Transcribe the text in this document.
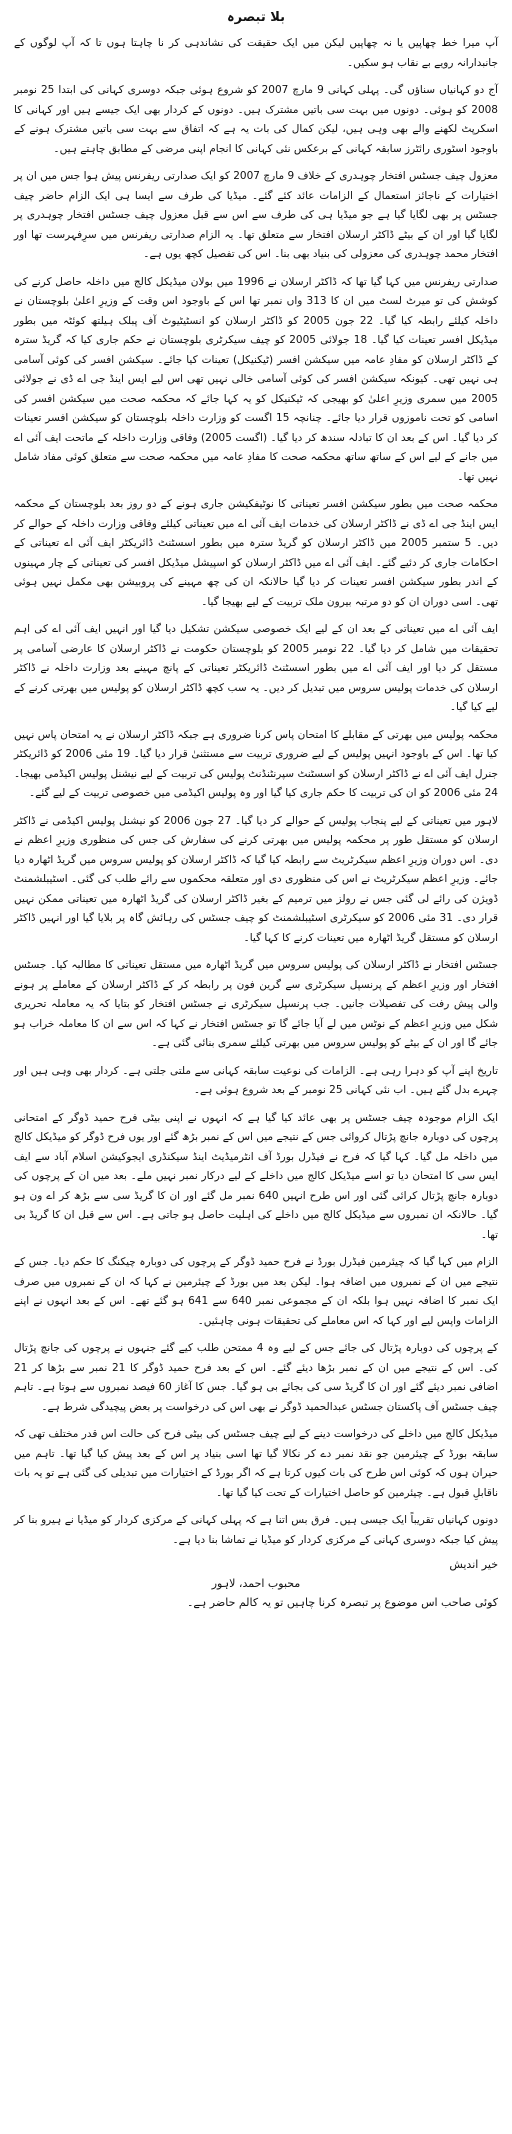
بلا تبصرہ

آپ میرا خط چھاپیں یا نہ چھاپیں لیکن میں ایک حقیقت کی نشاندہی کر نا چاہتا ہوں تا کہ آپ لوگوں کے جانبدارانہ رویے بے نقاب ہو سکیں۔

آج دو کہانیاں سناؤں گی۔ پہلی کہانی 9 مارچ 2007 کو شروع ہوئی جبکہ دوسری کہانی کی ابتدا 25 نومبر 2008 کو ہوئی۔ دونوں میں بہت سی باتیں مشترک ہیں۔ دونوں کے کردار بھی ایک جیسے ہیں اور کہانی کا اسکرپٹ لکھنے والے بھی وہی ہیں، لیکن کمال کی بات یہ ہے کہ اتفاق سے بہت سی باتیں مشترک ہونے کے باوجود اسٹوری رائٹرز سابقہ کہانی کے برعکس نئی کہانی کا انجام اپنی مرضی کے مطابق چاہتے ہیں۔

معزول چیف جسٹس افتخار چوہدری کے خلاف 9 مارچ 2007 کو ایک صدارتی ریفرنس پیش ہوا جس میں ان پر اختیارات کے ناجائز استعمال کے الزامات عائد کئے گئے۔ میڈیا کی طرف سے ایسا ہی ایک الزام حاضر چیف جسٹس پر بھی لگایا گیا ہے جو میڈیا ہی کی طرف سے اس سے قبل معزول چیف جسٹس افتخار چوہدری پر لگایا گیا اور ان کے بیٹے ڈاکٹر ارسلان افتخار سے متعلق تھا۔ یہ الزام صدارتی ریفرنس میں سرِفہرست تھا اور افتخار محمد چوہدری کی معزولی کی بنیاد بھی بنا۔ اس کی تفصیل کچھ یوں ہے۔

صدارتی ریفرنس میں کہا گیا تھا کہ ڈاکٹر ارسلان نے 1996 میں بولان میڈیکل کالج میں داخلہ حاصل کرنے کی کوشش کی تو میرٹ لسٹ میں ان کا 313 واں نمبر تھا اس کے باوجود اس وقت کے وزیرِ اعلیٰ بلوچستان نے داخلہ کیلئے رابطہ کیا گیا۔ 22 جون 2005 کو ڈاکٹر ارسلان کو انسٹیٹیوٹ آف پبلک ہیلتھ کوئٹہ میں بطور میڈیکل افسر تعینات کیا گیا۔ 18 جولائی 2005 کو چیف سیکرٹری بلوچستان نے حکم جاری کیا کہ گریڈ سترہ کے ڈاکٹر ارسلان کو مفادِ عامہ میں سیکشن افسر (ٹیکنیکل) تعینات کیا جائے۔ سیکشن افسر کی کوئی آسامی ہی نہیں تھی۔ کیونکہ سیکشن افسر کی کوئی آسامی خالی نہیں تھی اس لیے ایس اینڈ جی اے ڈی نے جولائی 2005 میں سمری وزیرِ اعلیٰ کو بھیجی کہ ٹیکنیکل کو یہ کہا جائے کہ محکمہ صحت میں سیکشن افسر کی اسامی کو تحت ناموزوں قرار دیا جائے۔ چنانچہ 15 اگست کو وزارت داخلہ بلوچستان کو سیکشن افسر تعینات کر دیا گیا۔ اس کے بعد ان کا تبادلہ سندھ کر دیا گیا۔ (اگست 2005) وفاقی وزارت داخلہ کے ماتحت ایف آئی اے میں جانے کے لیے اس کے ساتھ ساتھ محکمہ صحت کا مفادِ عامہ میں محکمہ صحت سے متعلق کوئی مفاد شامل نہیں تھا۔

محکمہ صحت میں بطور سیکشن افسر تعیناتی کا نوٹیفکیشن جاری ہونے کے دو روز بعد بلوچستان کے محکمہ ایس اینڈ جی اے ڈی نے ڈاکٹر ارسلان کی خدمات ایف آئی اے میں تعیناتی کیلئے وفاقی وزارت داخلہ کے حوالے کر دیں۔ 5 ستمبر 2005 میں ڈاکٹر ارسلان کو گریڈ سترہ میں بطور اسسٹنٹ ڈائریکٹر ایف آئی اے تعیناتی کے احکامات جاری کر دئیے گئے۔ ایف آئی اے میں ڈاکٹر ارسلان کو اسپیشل میڈیکل افسر کی تعیناتی کے چار مہینوں کے اندر بطور سیکشن افسر تعینات کر دیا گیا حالانکہ ان کی چھ مہینے کی پروبیشن بھی مکمل نہیں ہوئی تھی۔ اسی دوران ان کو دو مرتبہ بیرون ملک تربیت کے لیے بھیجا گیا۔

ایف آئی اے میں تعیناتی کے بعد ان کے لیے ایک خصوصی سیکشن تشکیل دیا گیا اور انہیں ایف آئی اے کی اہم تحقیقات میں شامل کر دیا گیا۔ 22 نومبر 2005 کو بلوچستان حکومت نے ڈاکٹر ارسلان کا عارضی آسامی پر مستقل کر دیا اور ایف آئی اے میں بطور اسسٹنٹ ڈائریکٹر تعیناتی کے پانچ مہینے بعد وزارت داخلہ نے ڈاکٹر ارسلان کی خدمات پولیس سروس میں تبدیل کر دیں۔ یہ سب کچھ ڈاکٹر ارسلان کو پولیس میں بھرتی کرنے کے لیے کیا گیا۔

محکمہ پولیس میں بھرتی کے مقابلے کا امتحان پاس کرنا ضروری ہے جبکہ ڈاکٹر ارسلان نے یہ امتحان پاس نہیں کیا تھا۔ اس کے باوجود انہیں پولیس کے لیے ضروری تربیت سے مستثنیٰ قرار دیا گیا۔ 19 مئی 2006 کو ڈائریکٹر جنرل ایف آئی اے نے ڈاکٹر ارسلان کو اسسٹنٹ سپرنٹنڈنٹ پولیس کی تربیت کے لیے نیشنل پولیس اکیڈمی بھیجا۔ 24 مئی 2006 کو ان کی تربیت کا حکم جاری کیا گیا اور وہ پولیس اکیڈمی میں خصوصی تربیت کے لیے گئے۔

لاہور میں تعیناتی کے لیے پنجاب پولیس کے حوالے کر دیا گیا۔ 27 جون 2006 کو نیشنل پولیس اکیڈمی نے ڈاکٹر ارسلان کو مستقل طور پر محکمہ پولیس میں بھرتی کرنے کی سفارش کی جس کی منظوری وزیرِ اعظم نے دی۔ اس دوران وزیرِ اعظم سیکرٹریٹ سے رابطہ کیا گیا کہ ڈاکٹر ارسلان کو پولیس سروس میں گریڈ اٹھارہ دیا جائے۔ وزیرِ اعظم سیکرٹریٹ نے اس کی منظوری دی اور متعلقہ محکموں سے رائے طلب کی گئی۔ اسٹیبلشمنٹ ڈویژن کی رائے لی گئی جس نے رولز میں ترمیم کے بغیر ڈاکٹر ارسلان کی گریڈ اٹھارہ میں تعیناتی ممکن نہیں قرار دی۔ 31 مئی 2006 کو سیکرٹری اسٹیبلشمنٹ کو چیف جسٹس کی رہائش گاہ پر بلایا گیا اور انہیں ڈاکٹر ارسلان کو مستقل گریڈ اٹھارہ میں تعینات کرنے کا کہا گیا۔

جسٹس افتخار نے ڈاکٹر ارسلان کی پولیس سروس میں گریڈ اٹھارہ میں مستقل تعیناتی کا مطالبہ کیا۔ جسٹس افتخار اور وزیرِ اعظم کے پرنسپل سیکرٹری سے گرین فون پر رابطہ کر کے ڈاکٹر ارسلان کے معاملے پر ہونے والی پیش رفت کی تفصیلات جانیں۔ جب پرنسپل سیکرٹری نے جسٹس افتخار کو بتایا کہ یہ معاملہ تحریری شکل میں وزیرِ اعظم کے نوٹس میں لے آیا جائے گا تو جسٹس افتخار نے کہا کہ اس سے ان کا معاملہ خراب ہو جائے گا اور ان کے بیٹے کو پولیس سروس میں بھرتی کیلئے سمری بنائی گئی ہے۔

تاریخ اپنے آپ کو دہرا رہی ہے۔ الزامات کی نوعیت سابقہ کہانی سے ملتی جلتی ہے۔ کردار بھی وہی ہیں اور چہرے بدل گئے ہیں۔ اب نئی کہانی 25 نومبر کے بعد شروع ہوئی ہے۔

ایک الزام موجودہ چیف جسٹس پر بھی عائد کیا گیا ہے کہ انہوں نے اپنی بیٹی فرح حمید ڈوگر کے امتحانی پرچوں کی دوبارہ جانچ پڑتال کروائی جس کے نتیجے میں اس کے نمبر بڑھ گئے اور یوں فرح ڈوگر کو میڈیکل کالج میں داخلہ مل گیا۔ کہا گیا کہ فرح نے فیڈرل بورڈ آف انٹرمیڈیٹ اینڈ سیکنڈری ایجوکیشن اسلام آباد سے ایف ایس سی کا امتحان دیا تو اسے میڈیکل کالج میں داخلے کے لیے درکار نمبر نہیں ملے۔ بعد میں ان کے پرچوں کی دوبارہ جانچ پڑتال کرائی گئی اور اس طرح انہیں 640 نمبر مل گئے اور ان کا گریڈ سی سے بڑھ کر اے ون ہو گیا۔ حالانکہ ان نمبروں سے میڈیکل کالج میں داخلے کی اہلیت حاصل ہو جاتی ہے۔ اس سے قبل ان کا گریڈ بی تھا۔

الزام میں کہا گیا کہ چیئرمین فیڈرل بورڈ نے فرح حمید ڈوگر کے پرچوں کی دوبارہ چیکنگ کا حکم دیا۔ جس کے نتیجے میں ان کے نمبروں میں اضافہ ہوا۔ لیکن بعد میں بورڈ کے چیئرمین نے کہا کہ ان کے نمبروں میں صرف ایک نمبر کا اضافہ نہیں ہوا بلکہ ان کے مجموعی نمبر 640 سے 641 ہو گئے تھے۔ اس کے بعد انہوں نے اپنے الزامات واپس لیے اور کہا کہ اس معاملے کی تحقیقات ہونی چاہئیں۔

کے پرچوں کی دوبارہ پڑتال کی جائے جس کے لیے وہ 4 ممتحن طلب کیے گئے جنہوں نے پرچوں کی جانچ پڑتال کی۔ اس کے نتیجے میں ان کے نمبر بڑھا دیئے گئے۔ اس کے بعد فرح حمید ڈوگر کا 21 نمبر سے بڑھا کر 21 اضافی نمبر دیئے گئے اور ان کا گریڈ سی کی بجائے بی ہو گیا۔ جس کا آغاز 60 فیصد نمبروں سے ہوتا ہے۔ تاہم چیف جسٹس آف پاکستان جسٹس عبدالحمید ڈوگر نے بھی اس کی درخواست پر بعض پیچیدگی شرط ہے۔

میڈیکل کالج میں داخلے کی درخواست دینے کے لیے چیف جسٹس کی بیٹی فرح کی حالت اس قدر مختلف تھی کہ سابقہ بورڈ کے چیئرمین جو نقد نمبر دے کر نکالا گیا تھا اسی بنیاد پر اس کے بعد پیش کیا گیا تھا۔ تاہم میں حیران ہوں کہ کوئی اس طرح کی بات کیوں کرتا ہے کہ اگر بورڈ کے اختیارات میں تبدیلی کی گئی ہے تو یہ بات ناقابلِ قبول ہے۔ چیئرمین کو حاصل اختیارات کے تحت کیا گیا تھا۔

دونوں کہانیاں تقریباً ایک جیسی ہیں۔ فرق بس اتنا ہے کہ پہلی کہانی کے مرکزی کردار کو میڈیا نے ہیرو بنا کر پیش کیا جبکہ دوسری کہانی کے مرکزی کردار کو میڈیا نے تماشا بنا دیا ہے۔

خیر اندیش
محبوب احمد، لاہور
کوئی صاحب اس موضوع پر تبصرہ کرنا چاہیں تو یہ کالم حاضر ہے۔
